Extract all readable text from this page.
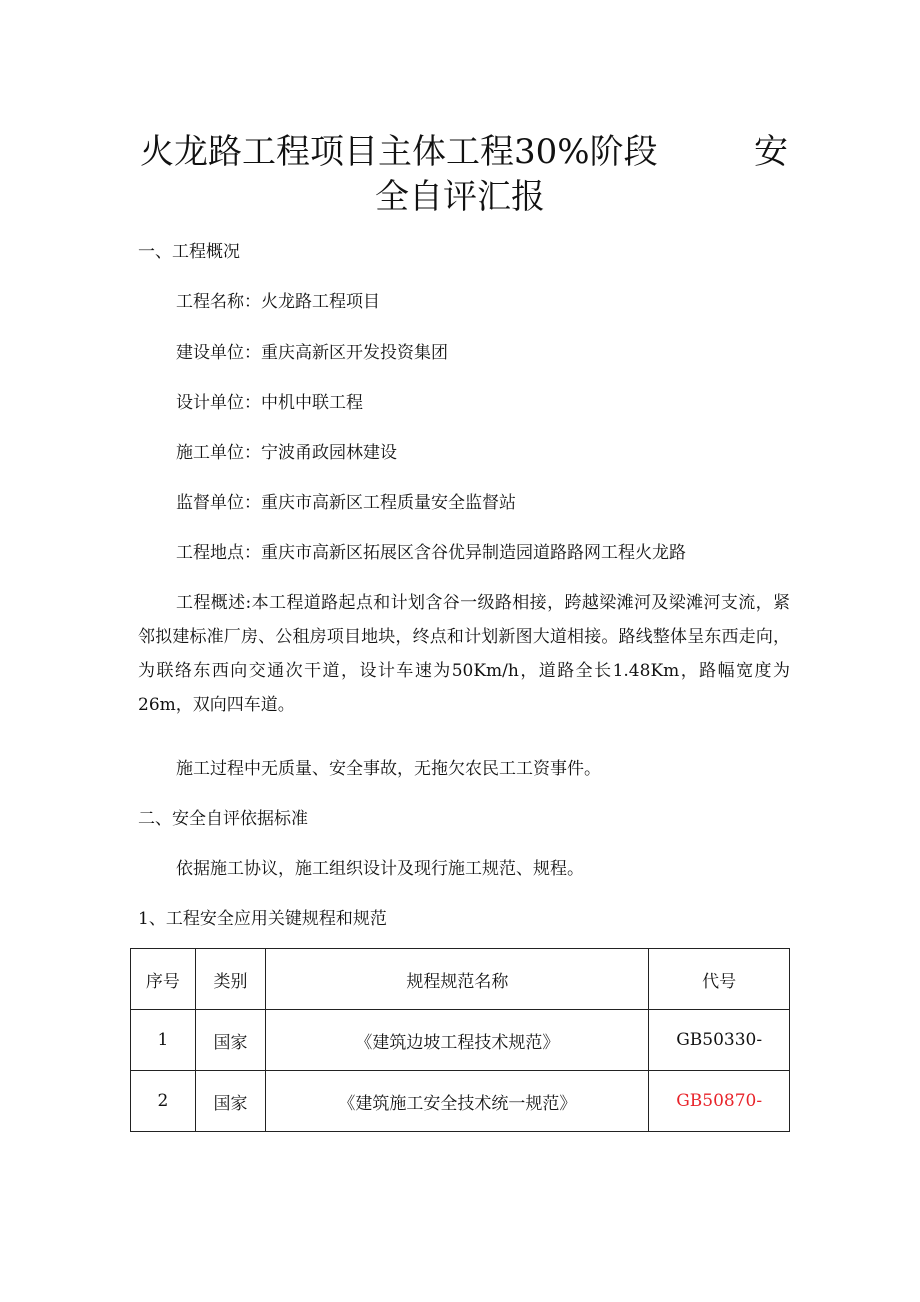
火龙路工程项目主体工程30%阶段	安
全自评汇报
一、工程概况
工程名称：火龙路工程项目
建设单位：重庆高新区开发投资集团
设计单位：中机中联工程
施工单位：宁波甬政园林建设
监督单位：重庆市高新区工程质量安全监督站
工程地点：重庆市高新区拓展区含谷优异制造园道路路网工程火龙路
工程概述:本工程道路起点和计划含谷一级路相接，跨越梁滩河及梁滩河支流，紧邻拟建标准厂房、公租房项目地块，终点和计划新图大道相接。路线整体呈东西走向，为联络东西向交通次干道，设计车速为50Km/h，道路全长1.48Km，路幅宽度为26m，双向四车道。
施工过程中无质量、安全事故，无拖欠农民工工资事件。
二、安全自评依据标准
依据施工协议，施工组织设计及现行施工规范、规程。
1、工程安全应用关键规程和规范
序号	类别	规程规范名称	代号
1	国家	《建筑边坡工程技术规范》	GB50330-
2	国家	《建筑施工安全技术统一规范》	GB50870-
